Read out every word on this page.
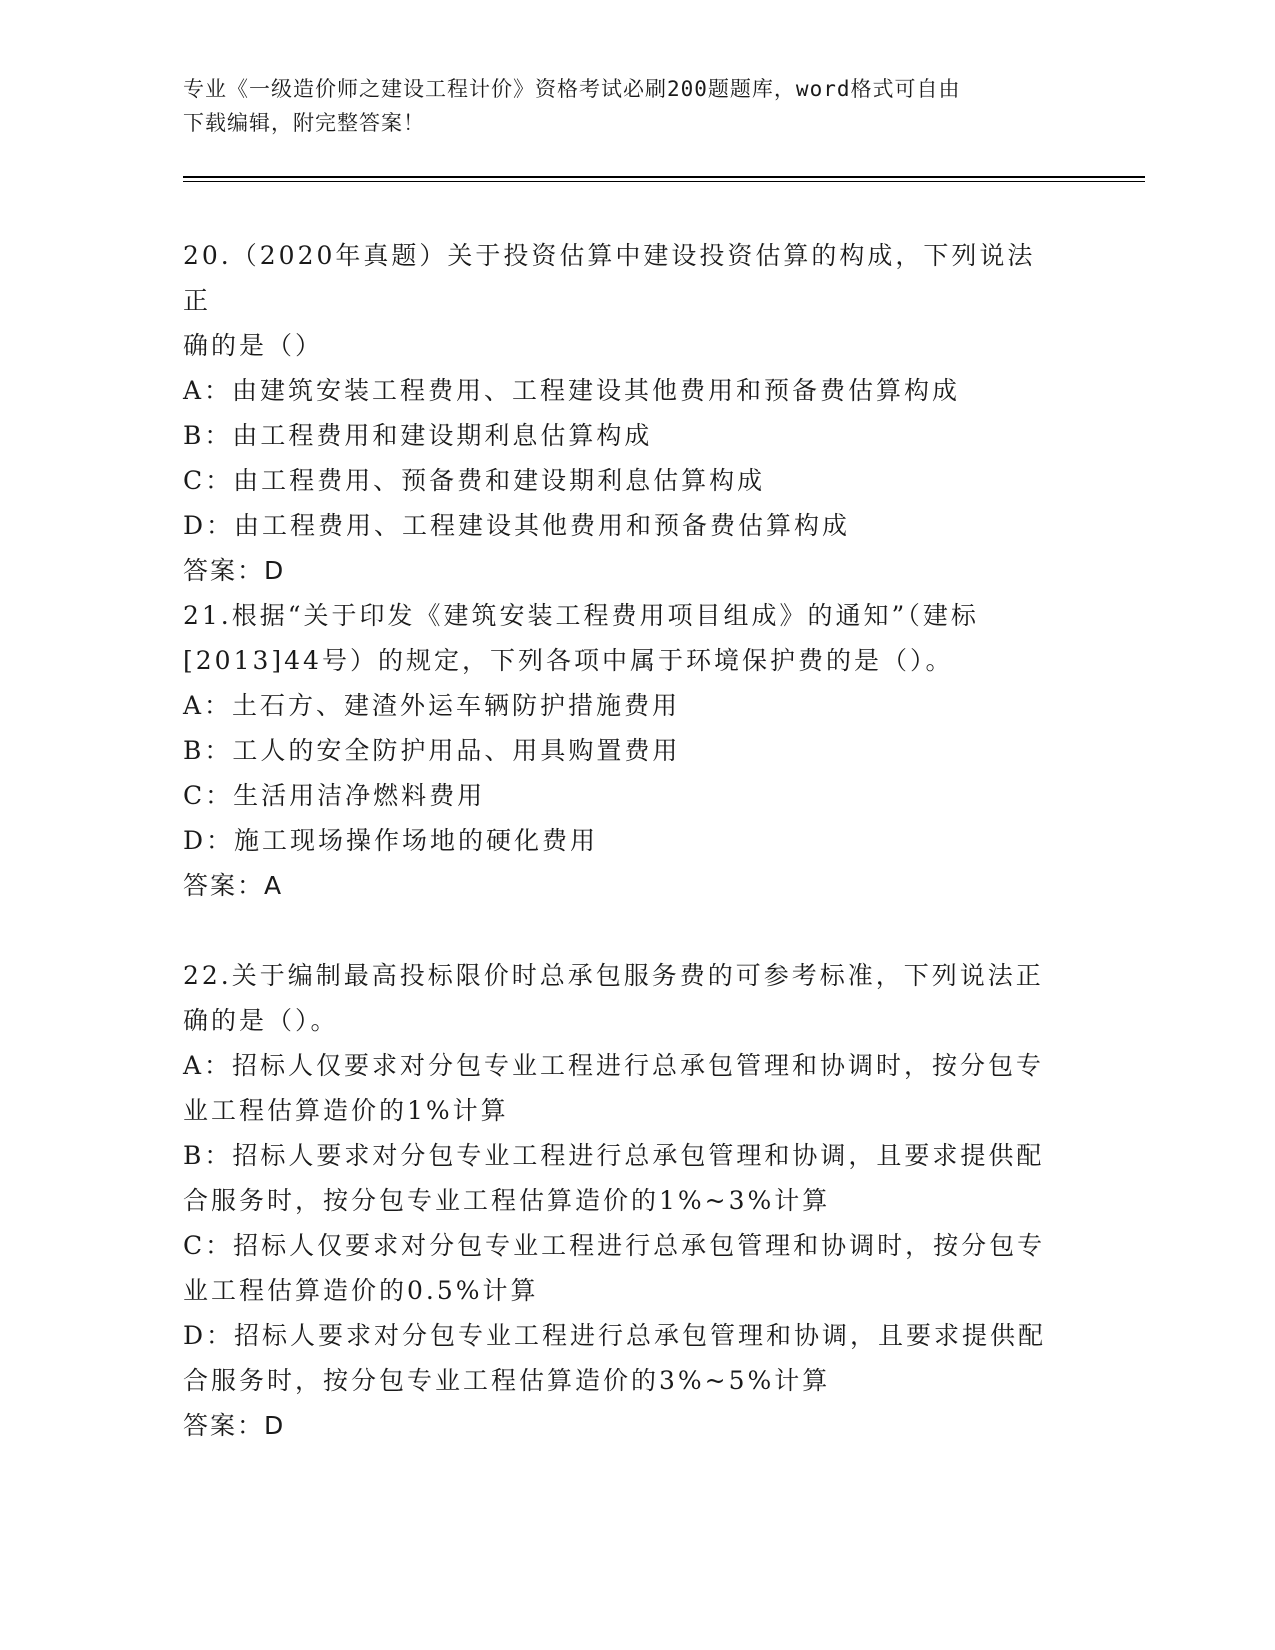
专业《一级造价师之建设工程计价》资格考试必刷200题题库，word格式可自由
下载编辑，附完整答案！
20.（2020年真题）关于投资估算中建设投资估算的构成，下列说法正
确的是（）
A：由建筑安装工程费用、工程建设其他费用和预备费估算构成
B：由工程费用和建设期利息估算构成
C：由工程费用、预备费和建设期利息估算构成
D：由工程费用、工程建设其他费用和预备费估算构成
答案：D
21.根据“关于印发《建筑安装工程费用项目组成》的通知”（建标
[2013]44号）的规定，下列各项中属于环境保护费的是（）。
A：土石方、建渣外运车辆防护措施费用
B：工人的安全防护用品、用具购置费用
C：生活用洁净燃料费用
D：施工现场操作场地的硬化费用
答案：A
22.关于编制最高投标限价时总承包服务费的可参考标准，下列说法正
确的是（）。
A：招标人仅要求对分包专业工程进行总承包管理和协调时，按分包专
业工程估算造价的1%计算
B：招标人要求对分包专业工程进行总承包管理和协调，且要求提供配
合服务时，按分包专业工程估算造价的1%~3%计算
C：招标人仅要求对分包专业工程进行总承包管理和协调时，按分包专
业工程估算造价的0.5%计算
D：招标人要求对分包专业工程进行总承包管理和协调，且要求提供配
合服务时，按分包专业工程估算造价的3%~5%计算
答案：D
